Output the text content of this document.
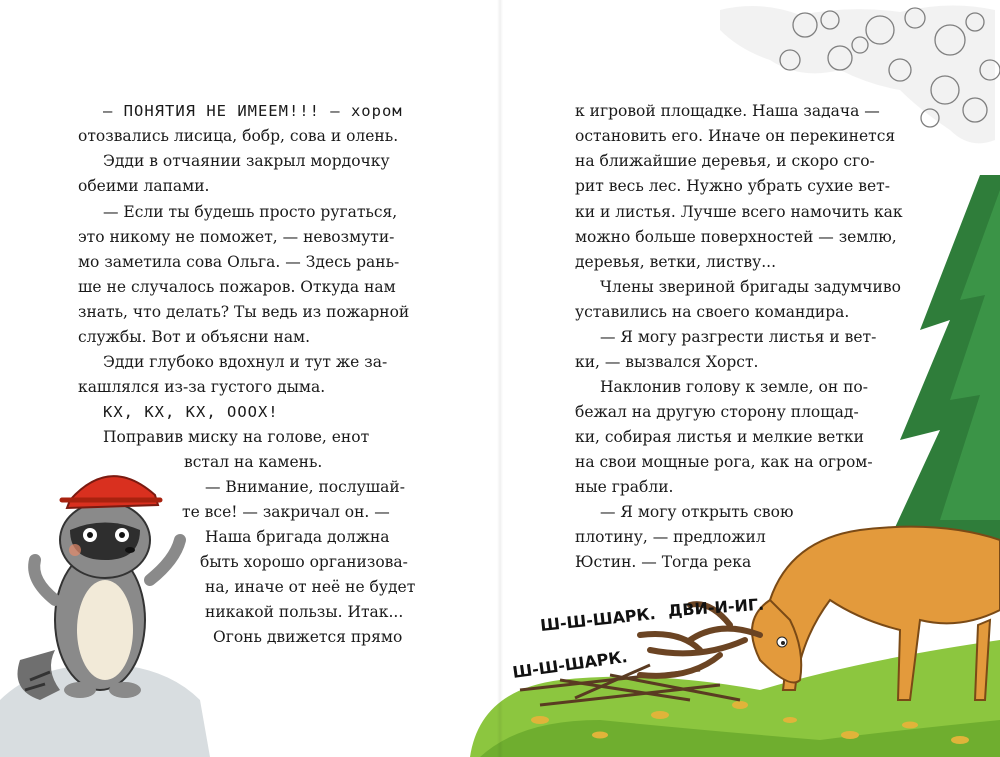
— ПОНЯТИЯ НЕ ИМЕЕМ!!! — хором
отозвались лисица, бобр, сова и олень.
Эдди в отчаянии закрыл мордочку
обеими лапами.
— Если ты будешь просто ругаться,
это никому не поможет, — невозмути-
мо заметила сова Ольга. — Здесь рань-
ше не случалось пожаров. Откуда нам
знать, что делать? Ты ведь из пожарной
службы. Вот и объясни нам.
Эдди глубоко вдохнул и тут же за-
кашлялся из-за густого дыма.
КХ, КХ, КХ, ОООХ!
Поправив миску на голове, енот
встал на камень.
— Внимание, послушай-
те все! — закричал он. —
Наша бригада должна
быть хорошо организова-
на, иначе от неё не будет
никакой пользы. Итак...
Огонь движется прямо
к игровой площадке. Наша задача —
остановить его. Иначе он перекинется
на ближайшие деревья, и скоро сго-
рит весь лес. Нужно убрать сухие вет-
ки и листья. Лучше всего намочить как
можно больше поверхностей — землю,
деревья, ветки, листву...
Члены звериной бригады задумчиво
уставились на своего командира.
— Я могу разгрести листья и вет-
ки, — вызвался Хорст.
Наклонив голову к земле, он по-
бежал на другую сторону площад-
ки, собирая листья и мелкие ветки
на свои мощные рога, как на огром-
ные грабли.
— Я могу открыть свою
плотину, — предложил
Юстин. — Тогда река
Ш-Ш-ШАРК. ДВИ-И-ИГ.
Ш-Ш-ШАРК.
